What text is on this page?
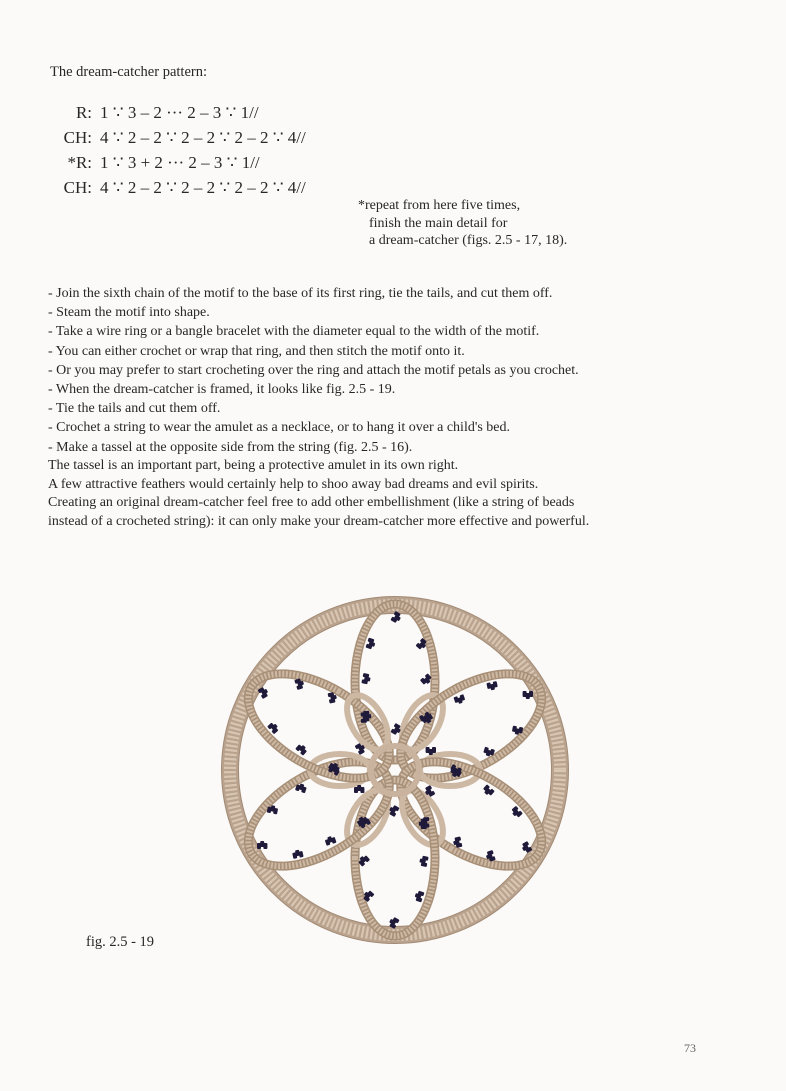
The dream-catcher pattern:
R: 1 ∵ 3 – 2 ··· 2 – 3 ∵ 1//
CH: 4 ∵ 2 – 2 ∵ 2 – 2 ∵ 2 – 2 ∵ 4//
*R: 1 ∵ 3 + 2 ··· 2 – 3 ∵ 1//
CH: 4 ∵ 2 – 2 ∵ 2 – 2 ∵ 2 – 2 ∵ 4//
*repeat from here five times,
finish the main detail for
a dream-catcher (figs. 2.5 - 17, 18).
- Join the sixth chain of the motif to the base of its first ring, tie the tails, and cut them off.
- Steam the motif into shape.
- Take a wire ring or a bangle bracelet with the diameter equal to the width of the motif.
- You can either crochet or wrap that ring, and then stitch the motif onto it.
- Or you may prefer to start crocheting over the ring and attach the motif petals as you crochet.
- When the dream-catcher is framed, it looks like fig. 2.5 - 19.
- Tie the tails and cut them off.
- Crochet a string to wear the amulet as a necklace, or to hang it over a child's bed.
- Make a tassel at the opposite side from the string (fig. 2.5 - 16).
The tassel is an important part, being a protective amulet in its own right.
A few attractive feathers would certainly help to shoo away bad dreams and evil spirits.
Creating an original dream-catcher feel free to add other embellishment (like a string of beads
instead of a crocheted string): it can only make your dream-catcher more effective and powerful.
fig. 2.5 - 19
73
